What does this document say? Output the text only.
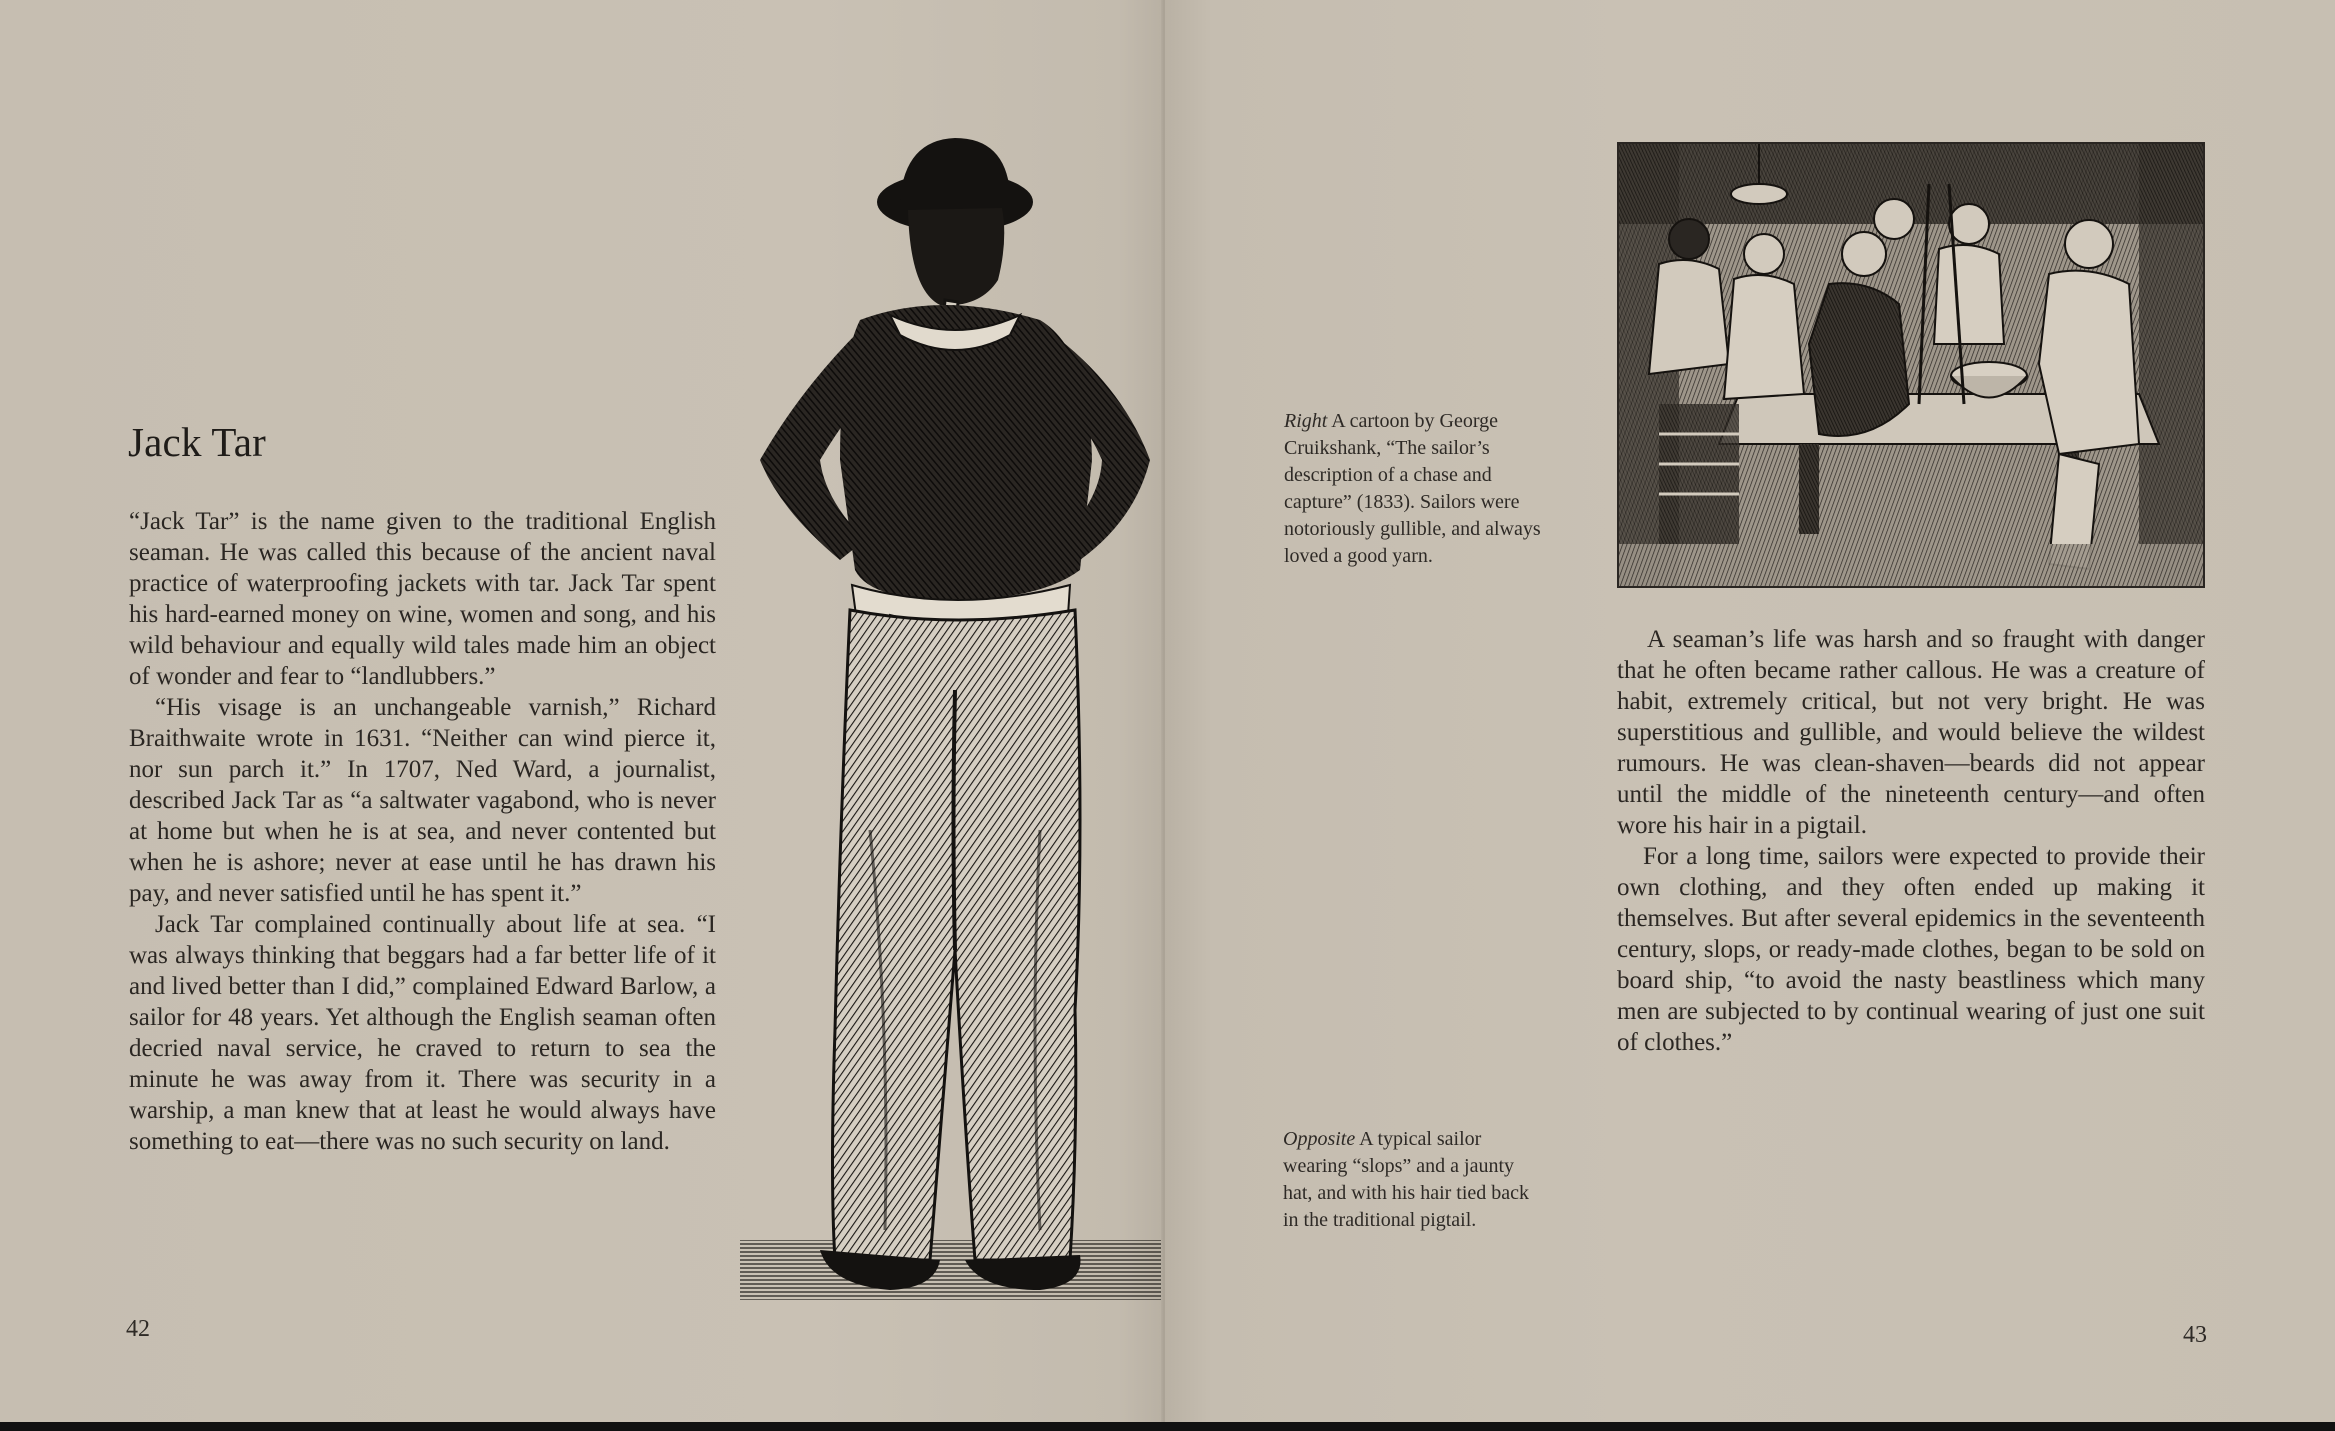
Jack Tar

“Jack Tar” is the name given to the traditional English seaman. He was called this because of the ancient naval practice of waterproofing jackets with tar. Jack Tar spent his hard-earned money on wine, women and song, and his wild behaviour and equally wild tales made him an object of wonder and fear to “landlubbers.”

“His visage is an unchangeable varnish,” Richard Braithwaite wrote in 1631. “Neither can wind pierce it, nor sun parch it.” In 1707, Ned Ward, a journalist, described Jack Tar as “a saltwater vagabond, who is never at home but when he is at sea, and never contented but when he is ashore; never at ease until he has drawn his pay, and never satisfied until he has spent it.”

Jack Tar complained continually about life at sea. “I was always thinking that beggars had a far better life of it and lived better than I did,” complained Edward Barlow, a sailor for 48 years. Yet although the English seaman often decried naval service, he craved to return to sea the minute he was away from it. There was security in a warship, a man knew that at least he would always have something to eat—there was no such security on land.

42
Right A cartoon by George Cruikshank, “The sailor’s description of a chase and capture” (1833). Sailors were notoriously gullible, and always loved a good yarn.

A seaman’s life was harsh and so fraught with danger that he often became rather callous. He was a creature of habit, extremely critical, but not very bright. He was superstitious and gullible, and would believe the wildest rumours. He was clean-shaven—beards did not appear until the middle of the nineteenth century—and often wore his hair in a pigtail.

For a long time, sailors were expected to provide their own clothing, and they often ended up making it themselves. But after several epidemics in the seventeenth century, slops, or ready-made clothes, began to be sold on board ship, “to avoid the nasty beastliness which many men are subjected to by continual wearing of just one suit of clothes.”

Opposite A typical sailor wearing “slops” and a jaunty hat, and with his hair tied back in the traditional pigtail.
43
